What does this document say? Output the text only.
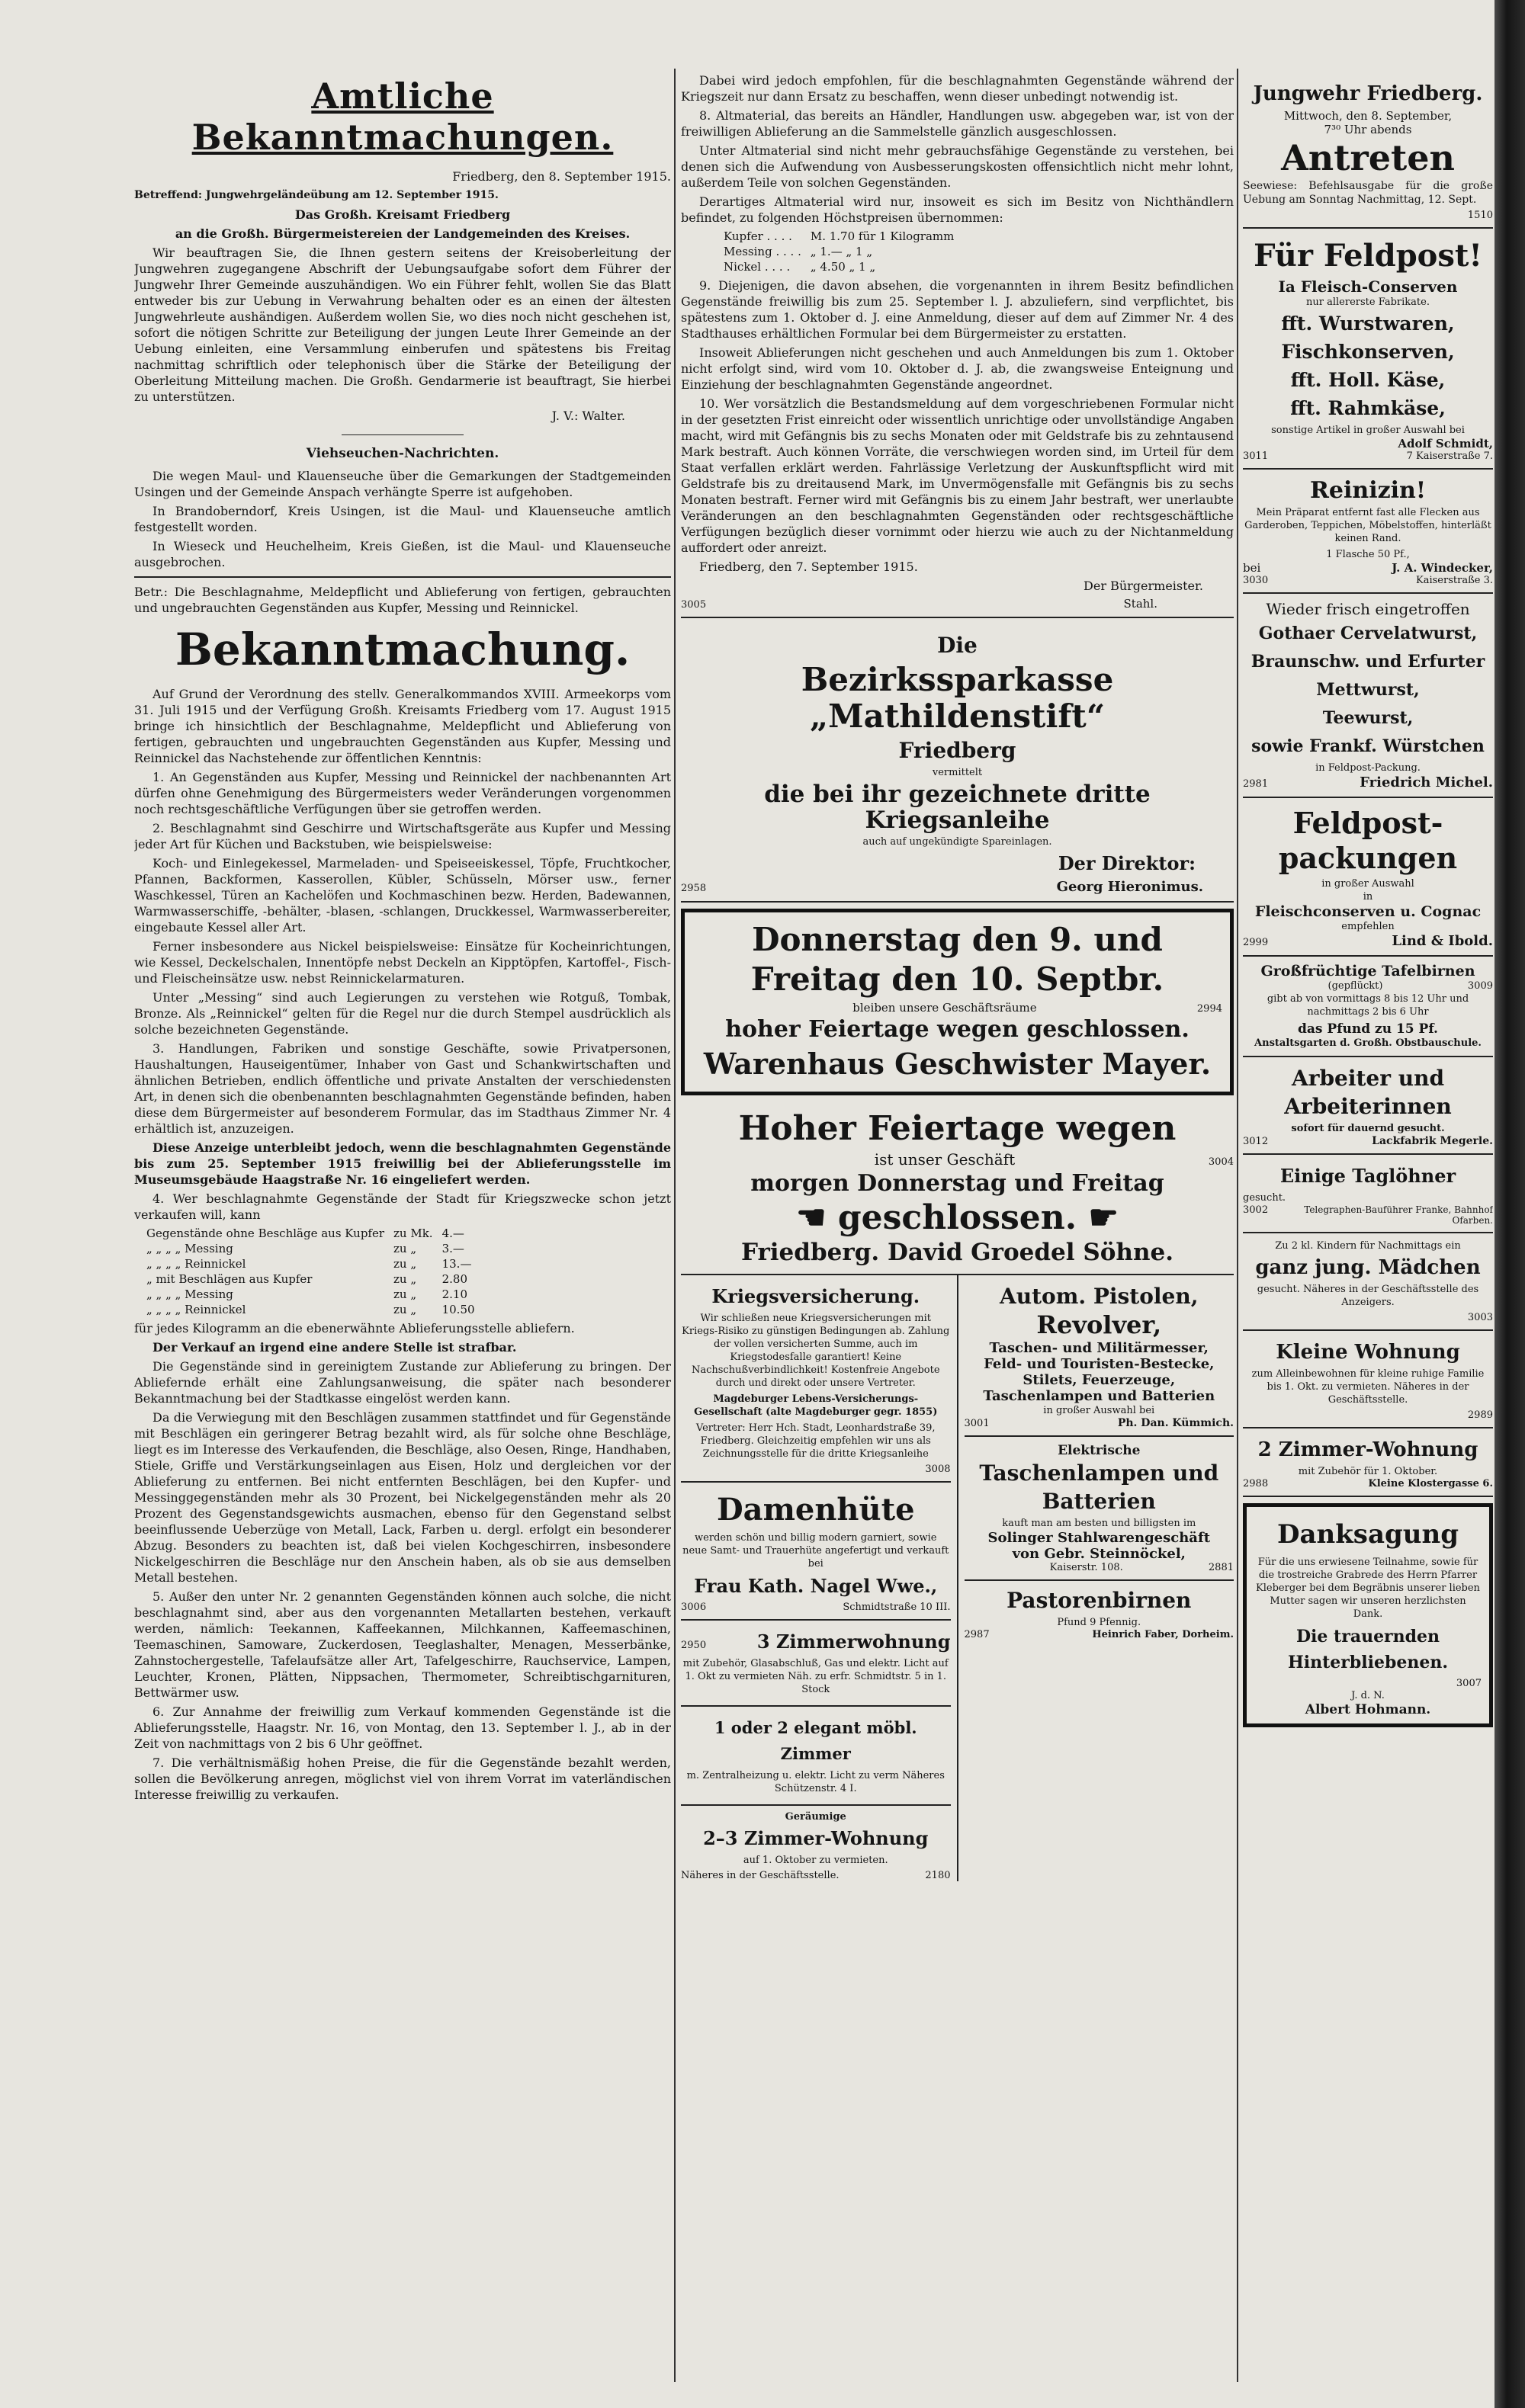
Amtliche Bekanntmachungen.

Friedberg, den 8. September 1915.

Betreffend: Jungwehrgeländeübung am 12. September 1915.

Das Großh. Kreisamt Friedberg

an die Großh. Bürgermeistereien der Landgemeinden des Kreises.

Wir beauftragen Sie, die Ihnen gestern seitens der Kreisoberleitung der Jungwehren zugegangene Abschrift der Uebungsaufgabe sofort dem Führer der Jungwehr Ihrer Gemeinde auszuhändigen. Wo ein Führer fehlt, wollen Sie das Blatt entweder bis zur Uebung in Verwahrung behalten oder es an einen der ältesten Jungwehrleute aushändigen. Außerdem wollen Sie, wo dies noch nicht geschehen ist, sofort die nötigen Schritte zur Beteiligung der jungen Leute Ihrer Gemeinde an der Uebung einleiten, eine Versammlung einberufen und spätestens bis Freitag nachmittag schriftlich oder telephonisch über die Stärke der Beteiligung der Oberleitung Mitteilung machen. Die Großh. Gendarmerie ist beauftragt, Sie hierbei zu unterstützen.

J. V.: Walter.

Viehseuchen-Nachrichten.

Die wegen Maul- und Klauenseuche über die Gemarkungen der Stadtgemeinden Usingen und der Gemeinde Anspach verhängte Sperre ist aufgehoben.

In Brandoberndorf, Kreis Usingen, ist die Maul- und Klauenseuche amtlich festgestellt worden.

In Wieseck und Heuchelheim, Kreis Gießen, ist die Maul- und Klauenseuche ausgebrochen.

Betr.: Die Beschlagnahme, Meldepflicht und Ablieferung von fertigen, gebrauchten und ungebrauchten Gegenständen aus Kupfer, Messing und Reinnickel.

Bekanntmachung.

Auf Grund der Verordnung des stellv. Generalkommandos XVIII. Armeekorps vom 31. Juli 1915 und der Verfügung Großh. Kreisamts Friedberg vom 17. August 1915 bringe ich hinsichtlich der Beschlagnahme, Meldepflicht und Ablieferung von fertigen, gebrauchten und ungebrauchten Gegenständen aus Kupfer, Messing und Reinnickel das Nachstehende zur öffentlichen Kenntnis:

1. An Gegenständen aus Kupfer, Messing und Reinnickel der nachbenannten Art dürfen ohne Genehmigung des Bürgermeisters weder Veränderungen vorgenommen noch rechtsgeschäftliche Verfügungen über sie getroffen werden.

2. Beschlagnahmt sind Geschirre und Wirtschaftsgeräte aus Kupfer und Messing jeder Art für Küchen und Backstuben, wie beispielsweise:

Koch- und Einlegekessel, Marmeladen- und Speiseeiskessel, Töpfe, Fruchtkocher, Pfannen, Backformen, Kasserollen, Kübler, Schüsseln, Mörser usw., ferner Waschkessel, Türen an Kachelöfen und Kochmaschinen bezw. Herden, Badewannen, Warmwasserschiffe, -behälter, -blasen, -schlangen, Druckkessel, Warmwasserbereiter, eingebaute Kessel aller Art.

Ferner insbesondere aus Nickel beispielsweise: Einsätze für Kocheinrichtungen, wie Kessel, Deckelschalen, Innentöpfe nebst Deckeln an Kipptöpfen, Kartoffel-, Fisch- und Fleischeinsätze usw. nebst Reinnickelarmaturen.

Unter „Messing“ sind auch Legierungen zu verstehen wie Rotguß, Tombak, Bronze. Als „Reinnickel“ gelten für die Regel nur die durch Stempel ausdrücklich als solche bezeichneten Gegenstände.

3. Handlungen, Fabriken und sonstige Geschäfte, sowie Privatpersonen, Haushaltungen, Hauseigentümer, Inhaber von Gast und Schankwirtschaften und ähnlichen Betrieben, endlich öffentliche und private Anstalten der verschiedensten Art, in denen sich die obenbenannten beschlagnahmten Gegenstände befinden, haben diese dem Bürgermeister auf besonderem Formular, das im Stadthaus Zimmer Nr. 4 erhältlich ist, anzuzeigen.

Diese Anzeige unterbleibt jedoch, wenn die beschlagnahmten Gegenstände bis zum 25. September 1915 freiwillig bei der Ablieferungsstelle im Museumsgebäude Haagstraße Nr. 16 eingeliefert werden.

4. Wer beschlagnahmte Gegenstände der Stadt für Kriegszwecke schon jetzt verkaufen will, kann

Gegenstände ohne Beschläge aus Kupfer	zu Mk.	4.—
„ „ „ „ Messing	zu „	3.—
„ „ „ „ Reinnickel	zu „	13.—
„ mit Beschlägen aus Kupfer	zu „	2.80
„ „ „ „ Messing	zu „	2.10
„ „ „ „ Reinnickel	zu „	10.50

für jedes Kilogramm an die ebenerwähnte Ablieferungsstelle abliefern.

Der Verkauf an irgend eine andere Stelle ist strafbar.

Die Gegenstände sind in gereinigtem Zustande zur Ablieferung zu bringen. Der Abliefernde erhält eine Zahlungsanweisung, die später nach besonderer Bekanntmachung bei der Stadtkasse eingelöst werden kann.

Da die Verwiegung mit den Beschlägen zusammen stattfindet und für Gegenstände mit Beschlägen ein geringerer Betrag bezahlt wird, als für solche ohne Beschläge, liegt es im Interesse des Verkaufenden, die Beschläge, also Oesen, Ringe, Handhaben, Stiele, Griffe und Verstärkungseinlagen aus Eisen, Holz und dergleichen vor der Ablieferung zu entfernen. Bei nicht entfernten Beschlägen, bei den Kupfer- und Messinggegenständen mehr als 30 Prozent, bei Nickelgegenständen mehr als 20 Prozent des Gegenstandsgewichts ausmachen, ebenso für den Gegenstand selbst beeinflussende Ueberzüge von Metall, Lack, Farben u. dergl. erfolgt ein besonderer Abzug. Besonders zu beachten ist, daß bei vielen Kochgeschirren, insbesondere Nickelgeschirren die Beschläge nur den Anschein haben, als ob sie aus demselben Metall bestehen.

5. Außer den unter Nr. 2 genannten Gegenständen können auch solche, die nicht beschlagnahmt sind, aber aus den vorgenannten Metallarten bestehen, verkauft werden, nämlich: Teekannen, Kaffeekannen, Milchkannen, Kaffeemaschinen, Teemaschinen, Samoware, Zuckerdosen, Teeglashalter, Menagen, Messerbänke, Zahnstochergestelle, Tafelaufsätze aller Art, Tafelgeschirre, Rauchservice, Lampen, Leuchter, Kronen, Plätten, Nippsachen, Thermometer, Schreibtischgarnituren, Bettwärmer usw.

6. Zur Annahme der freiwillig zum Verkauf kommenden Gegenstände ist die Ablieferungsstelle, Haagstr. Nr. 16, von Montag, den 13. September l. J., ab in der Zeit von nachmittags von 2 bis 6 Uhr geöffnet.

7. Die verhältnismäßig hohen Preise, die für die Gegenstände bezahlt werden, sollen die Bevölkerung anregen, möglichst viel von ihrem Vorrat im vaterländischen Interesse freiwillig zu verkaufen.

Dabei wird jedoch empfohlen, für die beschlagnahmten Gegenstände während der Kriegszeit nur dann Ersatz zu beschaffen, wenn dieser unbedingt notwendig ist.

8. Altmaterial, das bereits an Händler, Handlungen usw. abgegeben war, ist von der freiwilligen Ablieferung an die Sammelstelle gänzlich ausgeschlossen.

Unter Altmaterial sind nicht mehr gebrauchsfähige Gegenstände zu verstehen, bei denen sich die Aufwendung von Ausbesserungskosten offensichtlich nicht mehr lohnt, außerdem Teile von solchen Gegenständen.

Derartiges Altmaterial wird nur, insoweit es sich im Besitz von Nichthändlern befindet, zu folgenden Höchstpreisen übernommen:

Kupfer . . . .	M. 1.70 für 1 Kilogramm
Messing . . . .	„ 1.— „ 1 „
Nickel . . . .	„ 4.50 „ 1 „

9. Diejenigen, die davon absehen, die vorgenannten in ihrem Besitz befindlichen Gegenstände freiwillig bis zum 25. September l. J. abzuliefern, sind verpflichtet, bis spätestens zum 1. Oktober d. J. eine Anmeldung, dieser auf dem auf Zimmer Nr. 4 des Stadthauses erhältlichen Formular bei dem Bürgermeister zu erstatten.

Insoweit Ablieferungen nicht geschehen und auch Anmeldungen bis zum 1. Oktober nicht erfolgt sind, wird vom 10. Oktober d. J. ab, die zwangsweise Enteignung und Einziehung der beschlagnahmten Gegenstände angeordnet.

10. Wer vorsätzlich die Bestandsmeldung auf dem vorgeschriebenen Formular nicht in der gesetzten Frist einreicht oder wissentlich unrichtige oder unvollständige Angaben macht, wird mit Gefängnis bis zu sechs Monaten oder mit Geldstrafe bis zu zehntausend Mark bestraft. Auch können Vorräte, die verschwiegen worden sind, im Urteil für dem Staat verfallen erklärt werden. Fahrlässige Verletzung der Auskunftspflicht wird mit Geldstrafe bis zu dreitausend Mark, im Unvermögensfalle mit Gefängnis bis zu sechs Monaten bestraft. Ferner wird mit Gefängnis bis zu einem Jahr bestraft, wer unerlaubte Veränderungen an den beschlagnahmten Gegenständen oder rechtsgeschäftliche Verfügungen bezüglich dieser vornimmt oder hierzu wie auch zu der Nichtanmeldung auffordert oder anreizt.

Friedberg, den 7. September 1915.

Der Bürgermeister.

3005	Stahl.
Die
Bezirkssparkasse „Mathildenstift“
Friedberg
vermittelt
die bei ihr gezeichnete dritte Kriegsanleihe
auch auf ungekündigte Spareinlagen.
Der Direktor:
2958	Georg Hieronimus.
Donnerstag den 9. und
Freitag den 10. Septbr.
bleiben unsere Geschäftsräume	2994
hoher Feiertage wegen geschlossen.
Warenhaus Geschwister Mayer.
Hoher Feiertage wegen
ist unser Geschäft	3004
morgen Donnerstag und Freitag
☚ geschlossen. ☛
Friedberg. David Groedel Söhne.
Kriegsversicherung.

Wir schließen neue Kriegsversicherungen mit Kriegs-Risiko zu günstigen Bedingungen ab. Zahlung der vollen versicherten Summe, auch im Kriegstodesfalle garantiert! Keine Nachschußverbindlichkeit! Kostenfreie Angebote durch und direkt oder unsere Vertreter.

Magdeburger Lebens-Versicherungs-Gesellschaft (alte Magdeburger gegr. 1855)

Vertreter: Herr Hch. Stadt, Leonhardstraße 39, Friedberg. Gleichzeitig empfehlen wir uns als Zeichnungsstelle für die dritte Kriegsanleihe

3008
Damenhüte

werden schön und billig modern garniert, sowie neue Samt- und Trauerhüte angefertigt und verkauft bei

Frau Kath. Nagel Wwe.,
3006	Schmidtstraße 10 III.
2950	3 Zimmerwohnung

mit Zubehör, Glasabschluß, Gas und elektr. Licht auf 1. Okt zu vermieten Näh. zu erfr. Schmidtstr. 5 in 1. Stock

1 oder 2 elegant möbl. Zimmer

m. Zentralheizung u. elektr. Licht zu verm Näheres Schützenstr. 4 I.

Geräumige
2–3 Zimmer-Wohnung

auf 1. Oktober zu vermieten.

Näheres in der Geschäftsstelle.	2180
Autom. Pistolen,
Revolver,
Taschen- und Militärmesser,
Feld- und Touristen-Bestecke,
Stilets, Feuerzeuge,
Taschenlampen und Batterien
in großer Auswahl bei
3001	Ph. Dan. Kümmich.
Elektrische
Taschenlampen und
Batterien
kauft man am besten und billigsten im
Solinger Stahlwarengeschäft
von Gebr. Steinnöckel,
Kaiserstr. 108.	2881
Pastorenbirnen
Pfund 9 Pfennig.
2987	Heinrich Faber, Dorheim.
Jungwehr Friedberg.
Mittwoch, den 8. September,
7³⁰ Uhr abends
Antreten

Seewiese: Befehlsausgabe für die große Uebung am Sonntag Nachmittag, 12. Sept.

1510
Für Feldpost!
Ia Fleisch-Conserven
nur allererste Fabrikate.
fft. Wurstwaren,
Fischkonserven,
fft. Holl. Käse,
fft. Rahmkäse,
sonstige Artikel in großer Auswahl bei
Adolf Schmidt,
3011	7 Kaiserstraße 7.
Reinizin!

Mein Präparat entfernt fast alle Flecken aus Garderoben, Teppichen, Möbelstoffen, hinterläßt keinen Rand.

1 Flasche 50 Pf.,
bei	J. A. Windecker,
3030	Kaiserstraße 3.
Wieder frisch eingetroffen
Gothaer Cervelatwurst,
Braunschw. und Erfurter
Mettwurst,
Teewurst,
sowie Frankf. Würstchen
in Feldpost-Packung.
2981	Friedrich Michel.
Feldpost-
packungen
in großer Auswahl
in
Fleischconserven u. Cognac
empfehlen
2999	Lind & Ibold.
Großfrüchtige Tafelbirnen
(gepflückt)	3009

gibt ab von vormittags 8 bis 12 Uhr und nachmittags 2 bis 6 Uhr

das Pfund zu 15 Pf.
Anstaltsgarten d. Großh. Obstbauschule.
Arbeiter und
Arbeiterinnen
sofort für dauernd gesucht.
3012	Lackfabrik Megerle.
Einige Taglöhner
gesucht.
3002	Telegraphen-Bauführer Franke, Bahnhof Ofarben.
Zu 2 kl. Kindern für Nachmittags ein
ganz jung. Mädchen

gesucht. Näheres in der Geschäftsstelle des Anzeigers.

3003
Kleine Wohnung

zum Alleinbewohnen für kleine ruhige Familie bis 1. Okt. zu vermieten. Näheres in der Geschäftsstelle.

2989
2 Zimmer-Wohnung
mit Zubehör für 1. Oktober.
2988	Kleine Klostergasse 6.
Danksagung

Für die uns erwiesene Teilnahme, sowie für die trostreiche Grabrede des Herrn Pfarrer Kleberger bei dem Begräbnis unserer lieben Mutter sagen wir unseren herzlichsten Dank.

Die trauernden Hinterbliebenen.
3007
J. d. N.
Albert Hohmann.
